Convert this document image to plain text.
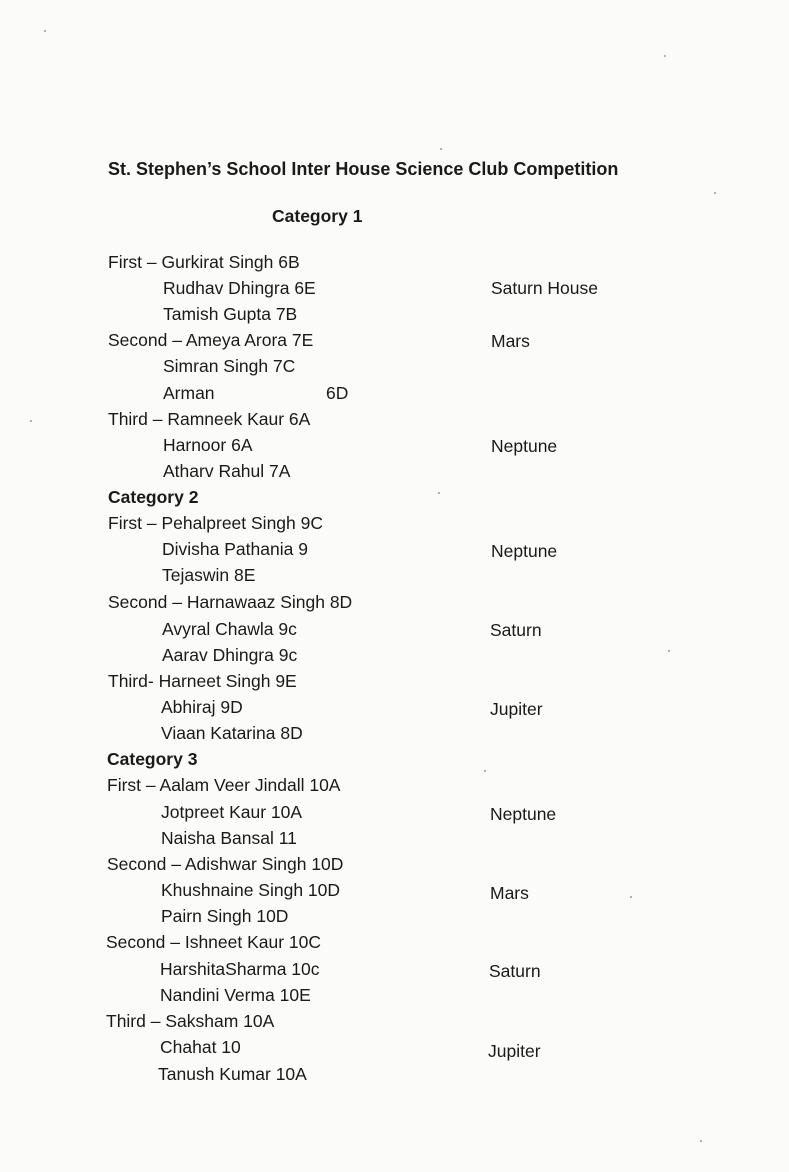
St. Stephen’s School Inter House Science Club Competition
Category 1
First – Gurkirat Singh 6B
Rudhav Dhingra 6E	Saturn House
Tamish Gupta 7B
Second – Ameya Arora 7E	Mars
Simran Singh 7C
Arman	6D
Third – Ramneek Kaur 6A
Harnoor 6A	Neptune
Atharv Rahul 7A
Category 2
First – Pehalpreet Singh 9C
Divisha Pathania 9	Neptune
Tejaswin 8E
Second – Harnawaaz Singh 8D
Avyral Chawla 9c	Saturn
Aarav Dhingra 9c
Third- Harneet Singh 9E
Abhiraj 9D	Jupiter
Viaan Katarina 8D
Category 3
First – Aalam Veer Jindall 10A
Jotpreet Kaur 10A	Neptune
Naisha Bansal 11
Second – Adishwar Singh 10D
Khushnaine Singh 10D	Mars
Pairn Singh 10D
Second – Ishneet Kaur 10C
HarshitaSharma 10c	Saturn
Nandini Verma 10E
Third – Saksham 10A
Chahat 10	Jupiter
Tanush Kumar 10A
